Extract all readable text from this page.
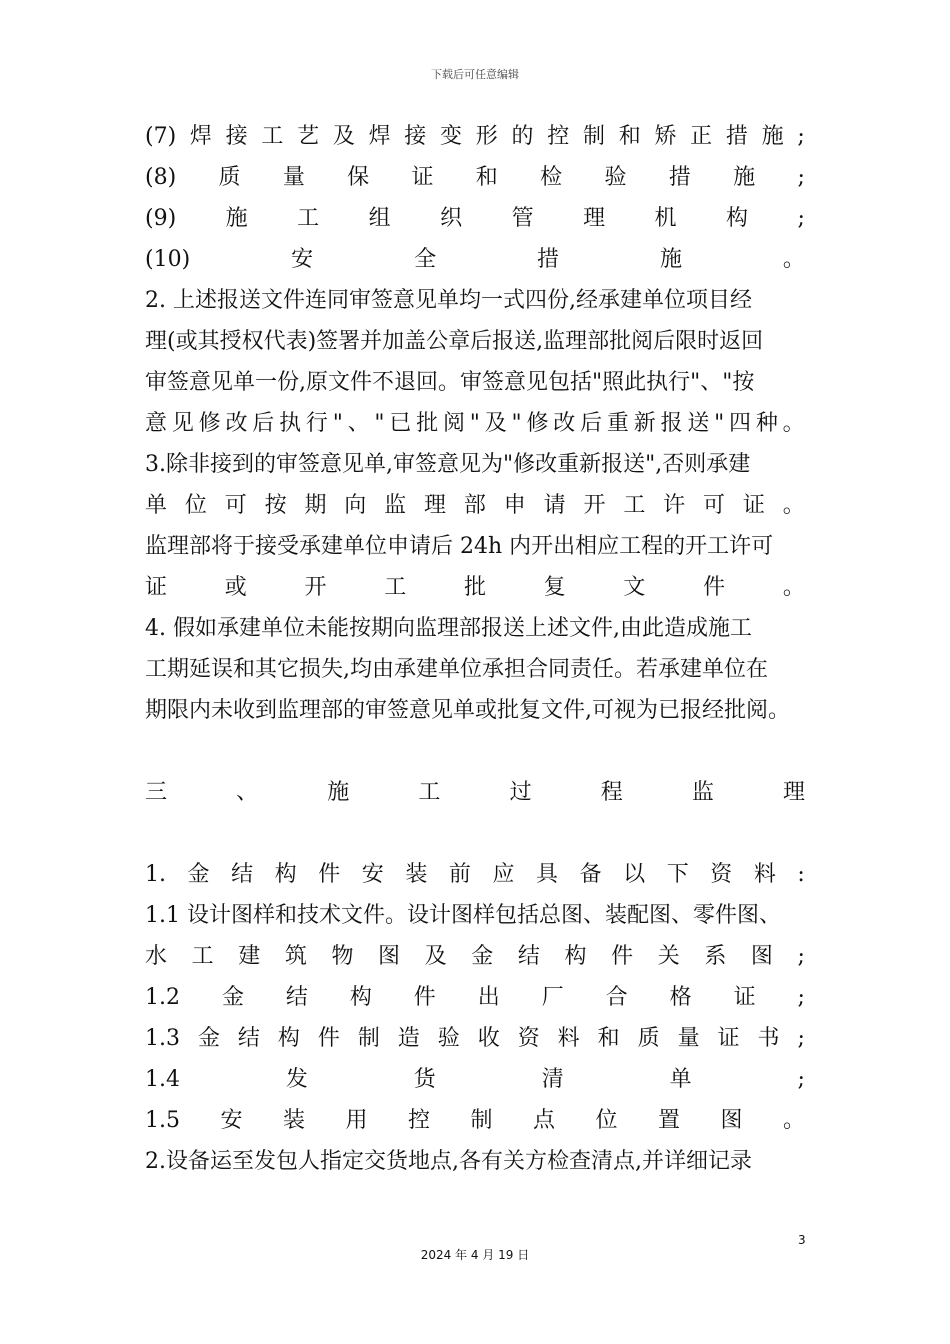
下载后可任意编辑
(7) 焊 接 工 艺 及 焊 接 变 形 的 控 制 和 矫 正 措 施 ;
(8) 质 量 保 证 和 检 验 措 施 ;
(9) 施 工 组 织 管 理 机 构 ;
(10)	安	全	措	施	。
2. 上述报送文件连同审签意见单均一式四份,经承建单位项目经
理(或其授权代表)签署并加盖公章后报送,监理部批阅后限时返回
审签意见单一份,原文件不退回。审签意见包括"照此执行"、"按
意 见 修 改 后 执 行 " 、 " 已 批 阅 " 及 " 修 改 后 重 新 报 送 " 四 种 。
3.除非接到的审签意见单,审签意见为"修改重新报送",否则承建
单 位 可 按 期 向 监 理 部 申 请 开 工 许 可 证 。
监理部将于接受承建单位申请后 24h 内开出相应工程的开工许可
证	或	开	工	批	复	文	件	。
4. 假如承建单位未能按期向监理部报送上述文件,由此造成施工
工期延误和其它损失,均由承建单位承担合同责任。若承建单位在
期限内未收到监理部的审签意见单或批复文件,可视为已报经批阅。
三	、	施	工	过	程	监	理
1. 金 结 构 件 安 装 前 应 具 备 以 下 资 料 :
1.1 设计图样和技术文件。设计图样包括总图、装配图、零件图、
水 工 建 筑 物 图 及 金 结 构 件 关 系 图 ;
1.2 金 结 构 件 出 厂 合 格 证 ;
1.3 金 结 构 件 制 造 验 收 资 料 和 质 量 证 书 ;
1.4	发	货	清	单	;
1.5 安 装 用 控 制 点 位 置 图 。
2.设备运至发包人指定交货地点,各有关方检查清点,并详细记录
3
2024 年 4 月 19 日
